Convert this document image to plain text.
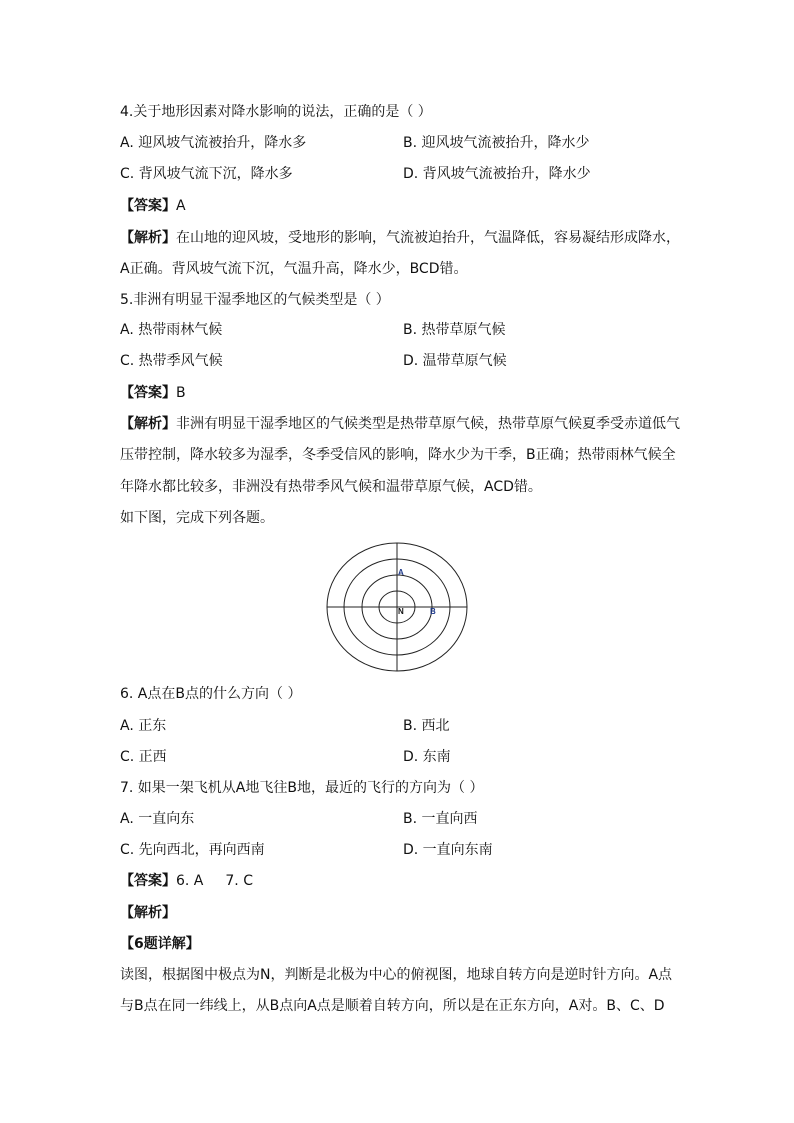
4.关于地形因素对降水影响的说法，正确的是（ ）
A. 迎风坡气流被抬升，降水多	B. 迎风坡气流被抬升，降水少
C. 背风坡气流下沉，降水多	D. 背风坡气流被抬升，降水少
【答案】A
【解析】在山地的迎风坡，受地形的影响，气流被迫抬升，气温降低，容易凝结形成降水，
A正确。背风坡气流下沉，气温升高，降水少，BCD错。
5.非洲有明显干湿季地区的气候类型是（ ）
A. 热带雨林气候	B. 热带草原气候
C. 热带季风气候	D. 温带草原气候
【答案】B
【解析】非洲有明显干湿季地区的气候类型是热带草原气候，热带草原气候夏季受赤道低气
压带控制，降水较多为湿季，冬季受信风的影响，降水少为干季，B正确；热带雨林气候全
年降水都比较多，非洲没有热带季风气候和温带草原气候，ACD错。
如下图，完成下列各题。
A
B
N
6. A点在B点的什么方向（ ）
A. 正东	B. 西北
C. 正西	D. 东南
7. 如果一架飞机从A地飞往B地，最近的飞行的方向为（ ）
A. 一直向东	B. 一直向西
C. 先向西北，再向西南	D. 一直向东南
【答案】6. A 7. C
【解析】
【6题详解】
读图，根据图中极点为N，判断是北极为中心的俯视图，地球自转方向是逆时针方向。A点
与B点在同一纬线上，从B点向A点是顺着自转方向，所以是在正东方向，A对。B、C、D
